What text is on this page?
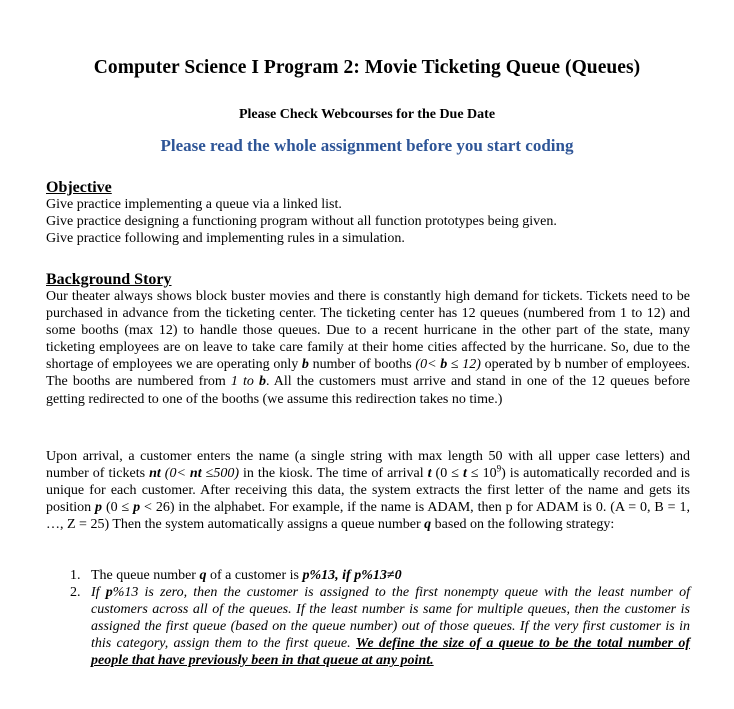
Computer Science I Program 2: Movie Ticketing Queue (Queues)
Please Check Webcourses for the Due Date
Please read the whole assignment before you start coding
Objective
Give practice implementing a queue via a linked list.
Give practice designing a functioning program without all function prototypes being given.
Give practice following and implementing rules in a simulation.
Background Story

Our theater always shows block buster movies and there is constantly high demand for tickets. Tickets need to be purchased in advance from the ticketing center. The ticketing center has 12 queues (numbered from 1 to 12) and some booths (max 12) to handle those queues. Due to a recent hurricane in the other part of the state, many ticketing employees are on leave to take care family at their home cities affected by the hurricane. So, due to the shortage of employees we are operating only b number of booths (0< b ≤ 12) operated by b number of employees. The booths are numbered from 1 to b. All the customers must arrive and stand in one of the 12 queues before getting redirected to one of the booths (we assume this redirection takes no time.)

Upon arrival, a customer enters the name (a single string with max length 50 with all upper case letters) and number of tickets nt (0< nt ≤500) in the kiosk. The time of arrival t $(0 \le t \le 10^9)$ is automatically recorded and is unique for each customer. After receiving this data, the system extracts the first letter of the name and gets its position p (0 ≤ p < 26) in the alphabet. For example, if the name is ADAM, then p for ADAM is 0. (A = 0, B = 1, …, Z = 25) Then the system automatically assigns a queue number q based on the following strategy:

1. The queue number q of a customer is p%13, if p%13≠0
2. If p%13 is zero, then the customer is assigned to the first nonempty queue with the least number of customers across all of the queues. If the least number is same for multiple queues, then the customer is assigned the first queue (based on the queue number) out of those queues. If the very first customer is in this category, assign them to the first queue. We define the size of a queue to be the total number of people that have previously been in that queue at any point.
